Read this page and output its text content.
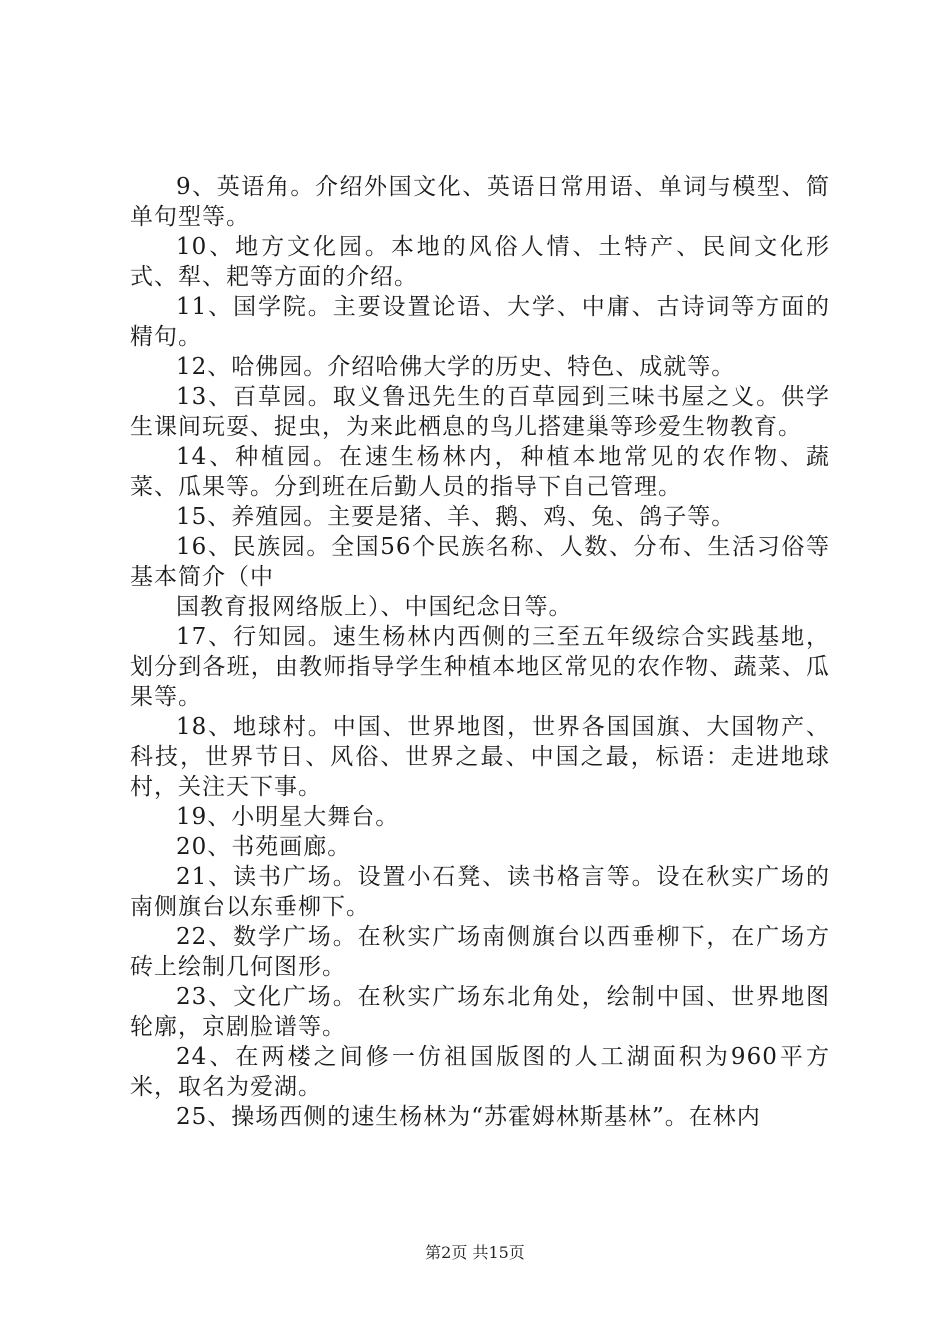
9、英语角。介绍外国文化、英语日常用语、单词与模型、简单句型等。

10、地方文化园。本地的风俗人情、土特产、民间文化形式、犁、耙等方面的介绍。

11、国学院。主要设置论语、大学、中庸、古诗词等方面的精句。

12、哈佛园。介绍哈佛大学的历史、特色、成就等。

13、百草园。取义鲁迅先生的百草园到三味书屋之义。供学生课间玩耍、捉虫，为来此栖息的鸟儿搭建巢等珍爱生物教育。

14、种植园。在速生杨林内，种植本地常见的农作物、蔬菜、瓜果等。分到班在后勤人员的指导下自己管理。

15、养殖园。主要是猪、羊、鹅、鸡、兔、鸽子等。

16、民族园。全国56个民族名称、人数、分布、生活习俗等基本简介（中

国教育报网络版上）、中国纪念日等。

17、行知园。速生杨林内西侧的三至五年级综合实践基地，划分到各班，由教师指导学生种植本地区常见的农作物、蔬菜、瓜果等。

18、地球村。中国、世界地图，世界各国国旗、大国物产、科技，世界节日、风俗、世界之最、中国之最，标语：走进地球村，关注天下事。

19、小明星大舞台。

20、书苑画廊。

21、读书广场。设置小石凳、读书格言等。设在秋实广场的南侧旗台以东垂柳下。

22、数学广场。在秋实广场南侧旗台以西垂柳下，在广场方砖上绘制几何图形。

23、文化广场。在秋实广场东北角处，绘制中国、世界地图轮廓，京剧脸谱等。

24、在两楼之间修一仿祖国版图的人工湖面积为960平方米，取名为爱湖。

25、操场西侧的速生杨林为“苏霍姆林斯基林”。在林内

第2页 共15页
